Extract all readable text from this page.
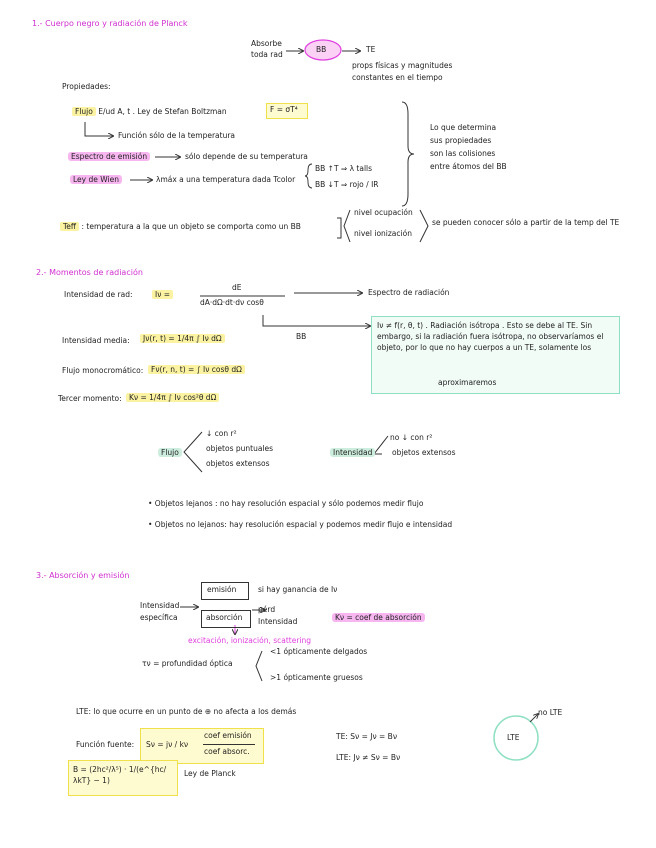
1.- Cuerpo negro y radiación de Planck
Absorbe
toda rad
BB	TE
props físicas y magnitudes
constantes en el tiempo
Propiedades:
Flujo E/ud A, t . Ley de Stefan Boltzman	F = σT⁴
Función sólo de la temperatura
Espectro de emisión	sólo depende de su temperatura
Ley de Wien	λmáx a una temperatura dada Tcolor
BB ↑T ⇒ λ talls
BB ↓T ⇒ rojo / IR
Lo que determina
sus propiedades
son las colisiones
entre átomos del BB
Teff : temperatura a la que un objeto se comporta como un BB
nivel ocupación
nivel ionización
se pueden conocer sólo a partir de la temp del TE
2.- Momentos de radiación
Intensidad de rad:	Iν =
dE
dA·dΩ·dt·dν cosθ
Espectro de radiación
BB
Iν ≠ f(r, θ, t) . Radiación isótropa . Esto se debe al TE. Sin embargo, si la radiación fuera isótropa, no observaríamos el objeto, por lo que no hay cuerpos a un TE, solamente los
aproximaremos
Intensidad media:	Jν(r, t) = 1/4π ∫ Iν dΩ
Flujo monocromático:	Fν(r, n, t) = ∫ Iν cosθ dΩ
Tercer momento: Kν = 1/4π ∫ Iν cos²θ dΩ
Flujo
↓ con r²
objetos puntuales
objetos extensos
Intensidad
no ↓ con r²
objetos extensos
• Objetos lejanos : no hay resolución espacial y sólo podemos medir flujo
• Objetos no lejanos: hay resolución espacial y podemos medir flujo e intensidad
3.- Absorción y emisión
emisión	si hay ganancia de Iν
Intensidad
específica	absorción
pérd
Intensidad	Kν = coef de absorción
excitación, ionización, scattering
τν = profundidad óptica
<1 ópticamente delgados
>1 ópticamente gruesos
LTE: lo que ocurre en un punto de ⊕ no afecta a los demás
Función fuente: Sν = jν / kν
coef emisión
coef absorc.
TE: Sν = Jν = Bν
LTE: Jν ≠ Sν = Bν
B = (2hc²/λ⁵) · 1/(e^{hc/λkT} − 1)
Ley de Planck
LTE
no LTE
